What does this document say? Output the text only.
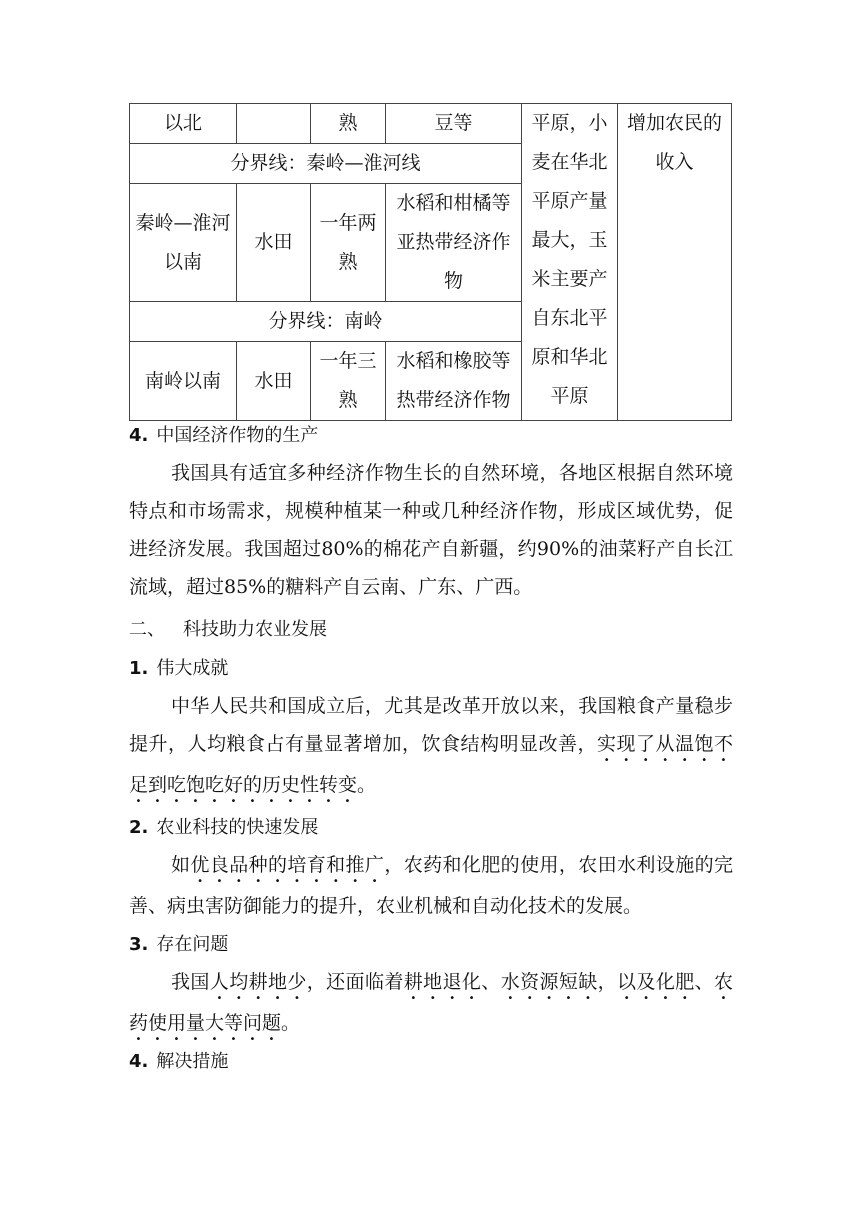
以北		熟	豆等	平原，小麦在华北平原产量最大，玉米主要产自东北平原和华北平原	增加农民的收入
分界线：秦岭—淮河线					
秦岭—淮河以南	水田	一年两熟	水稻和柑橘等亚热带经济作物		
分界线：南岭					
南岭以南	水田	一年三熟	水稻和橡胶等热带经济作物		
4. 中国经济作物的生产

我国具有适宜多种经济作物生长的自然环境，各地区根据自然环境特点和市场需求，规模种植某一种或几种经济作物，形成区域优势，促进经济发展。我国超过80%的棉花产自新疆，约90%的油菜籽产自长江流域，超过85%的糖料产自云南、广东、广西。

二、 科技助力农业发展
1. 伟大成就

中华人民共和国成立后，尤其是改革开放以来，我国粮食产量稳步提升，人均粮食占有量显著增加，饮食结构明显改善，实现了从温饱不足到吃饱吃好的历史性转变。

2. 农业科技的快速发展

如优良品种的培育和推广，农药和化肥的使用，农田水利设施的完善、病虫害防御能力的提升，农业机械和自动化技术的发展。

3. 存在问题

我国人均耕地少，还面临着耕地退化、水资源短缺，以及化肥、农药使用量大等问题。

4. 解决措施
